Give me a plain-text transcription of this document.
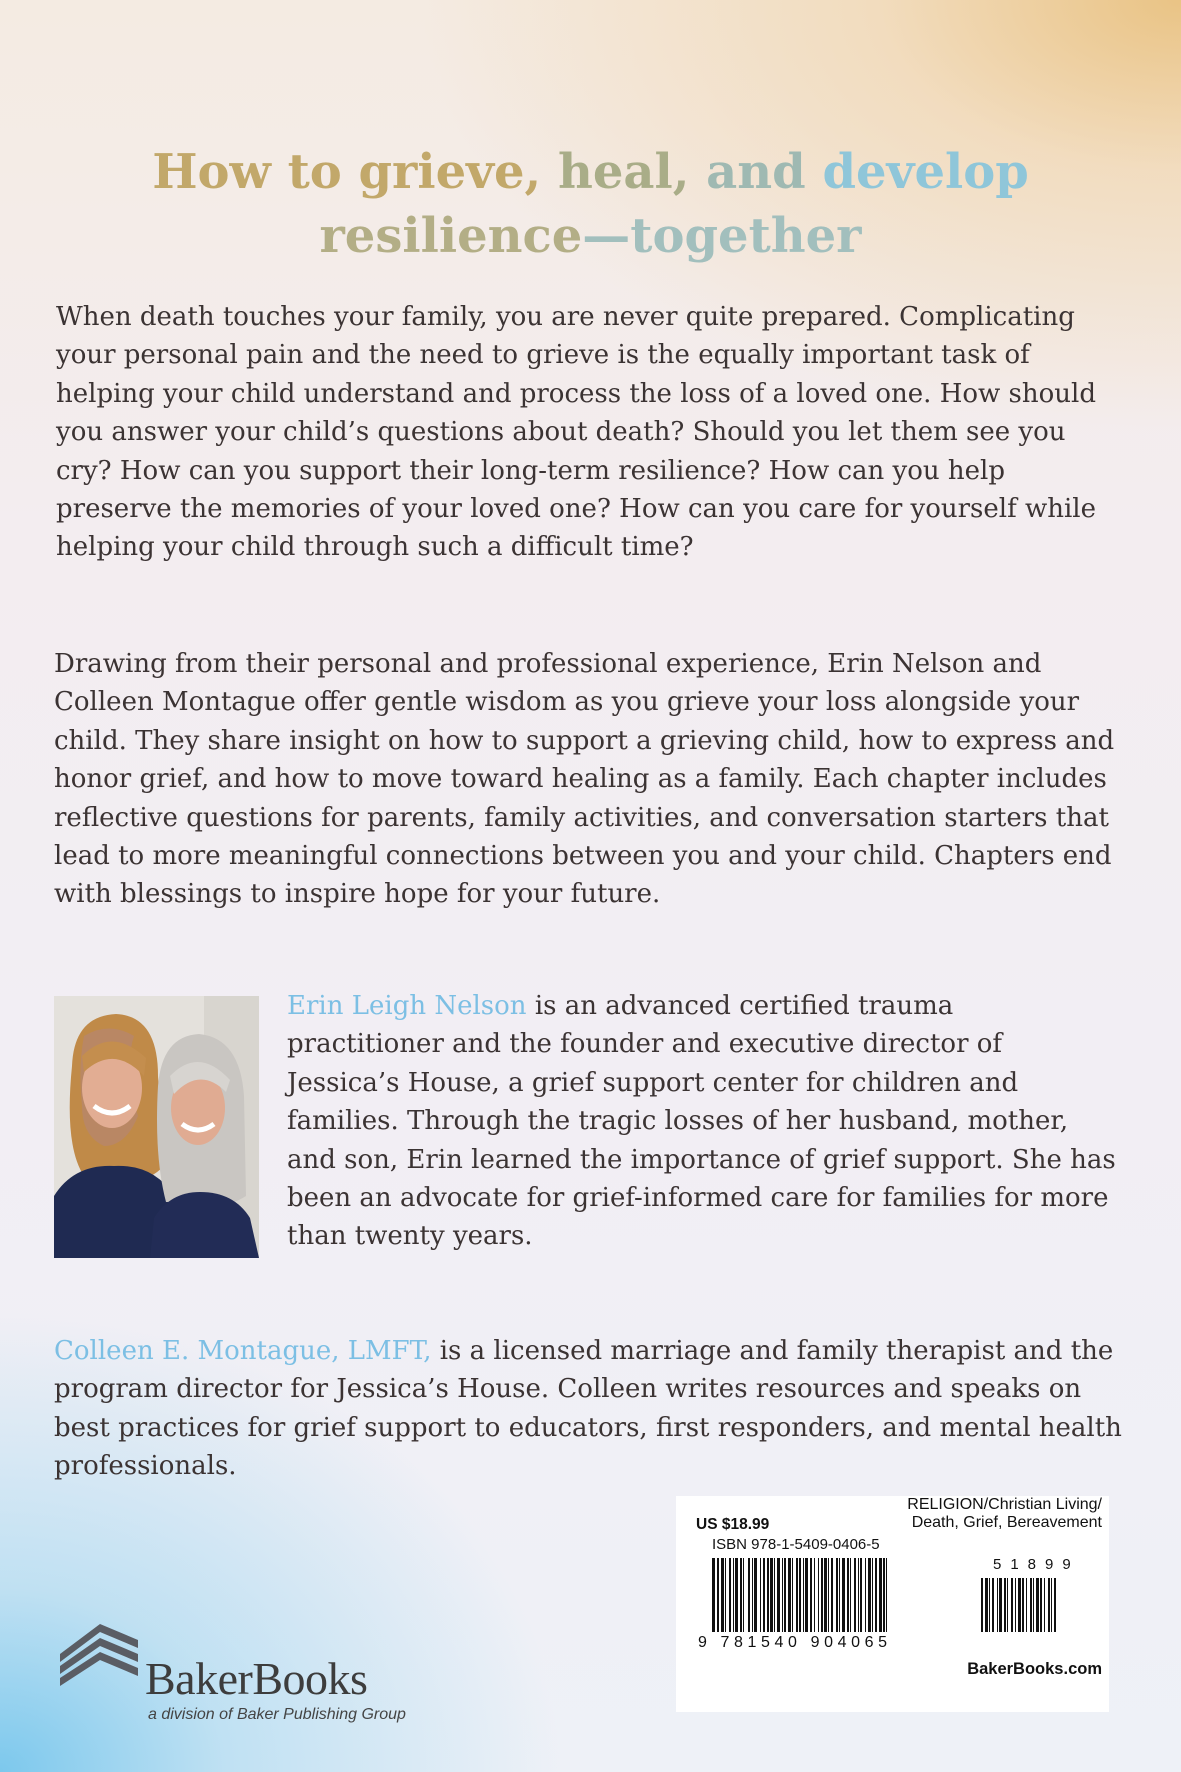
How to grieve, heal, and develop
resilience—together

When death touches your family, you are never quite prepared. Complicating your personal pain and the need to grieve is the equally important task of helping your child understand and process the loss of a loved one. How should you answer your child’s questions about death? Should you let them see you cry? How can you support their long-term resilience? How can you help preserve the memories of your loved one? How can you care for yourself while helping your child through such a difficult time?

Drawing from their personal and professional experience, Erin Nelson and Colleen Montague offer gentle wisdom as you grieve your loss alongside your child. They share insight on how to support a grieving child, how to express and honor grief, and how to move toward healing as a family. Each chapter includes reflective questions for parents, family activities, and conversation starters that lead to more meaningful connections between you and your child. Chapters end with blessings to inspire hope for your future.

Erin Leigh Nelson is an advanced certified trauma practitioner and the founder and executive director of Jessica’s House, a grief support center for children and families. Through the tragic losses of her husband, mother, and son, Erin learned the importance of grief support. She has been an advocate for grief-informed care for families for more than twenty years.

Colleen E. Montague, LMFT, is a licensed marriage and family therapist and the program director for Jessica’s House. Colleen writes resources and speaks on best practices for grief support to educators, first responders, and mental health professionals.

RELIGION/Christian Living/
Death, Grief, Bereavement
US $18.99
ISBN 978-1-5409-0406-5
51899
9 781540 904065
BakerBooks.com
BakerBooks
a division of Baker Publishing Group
